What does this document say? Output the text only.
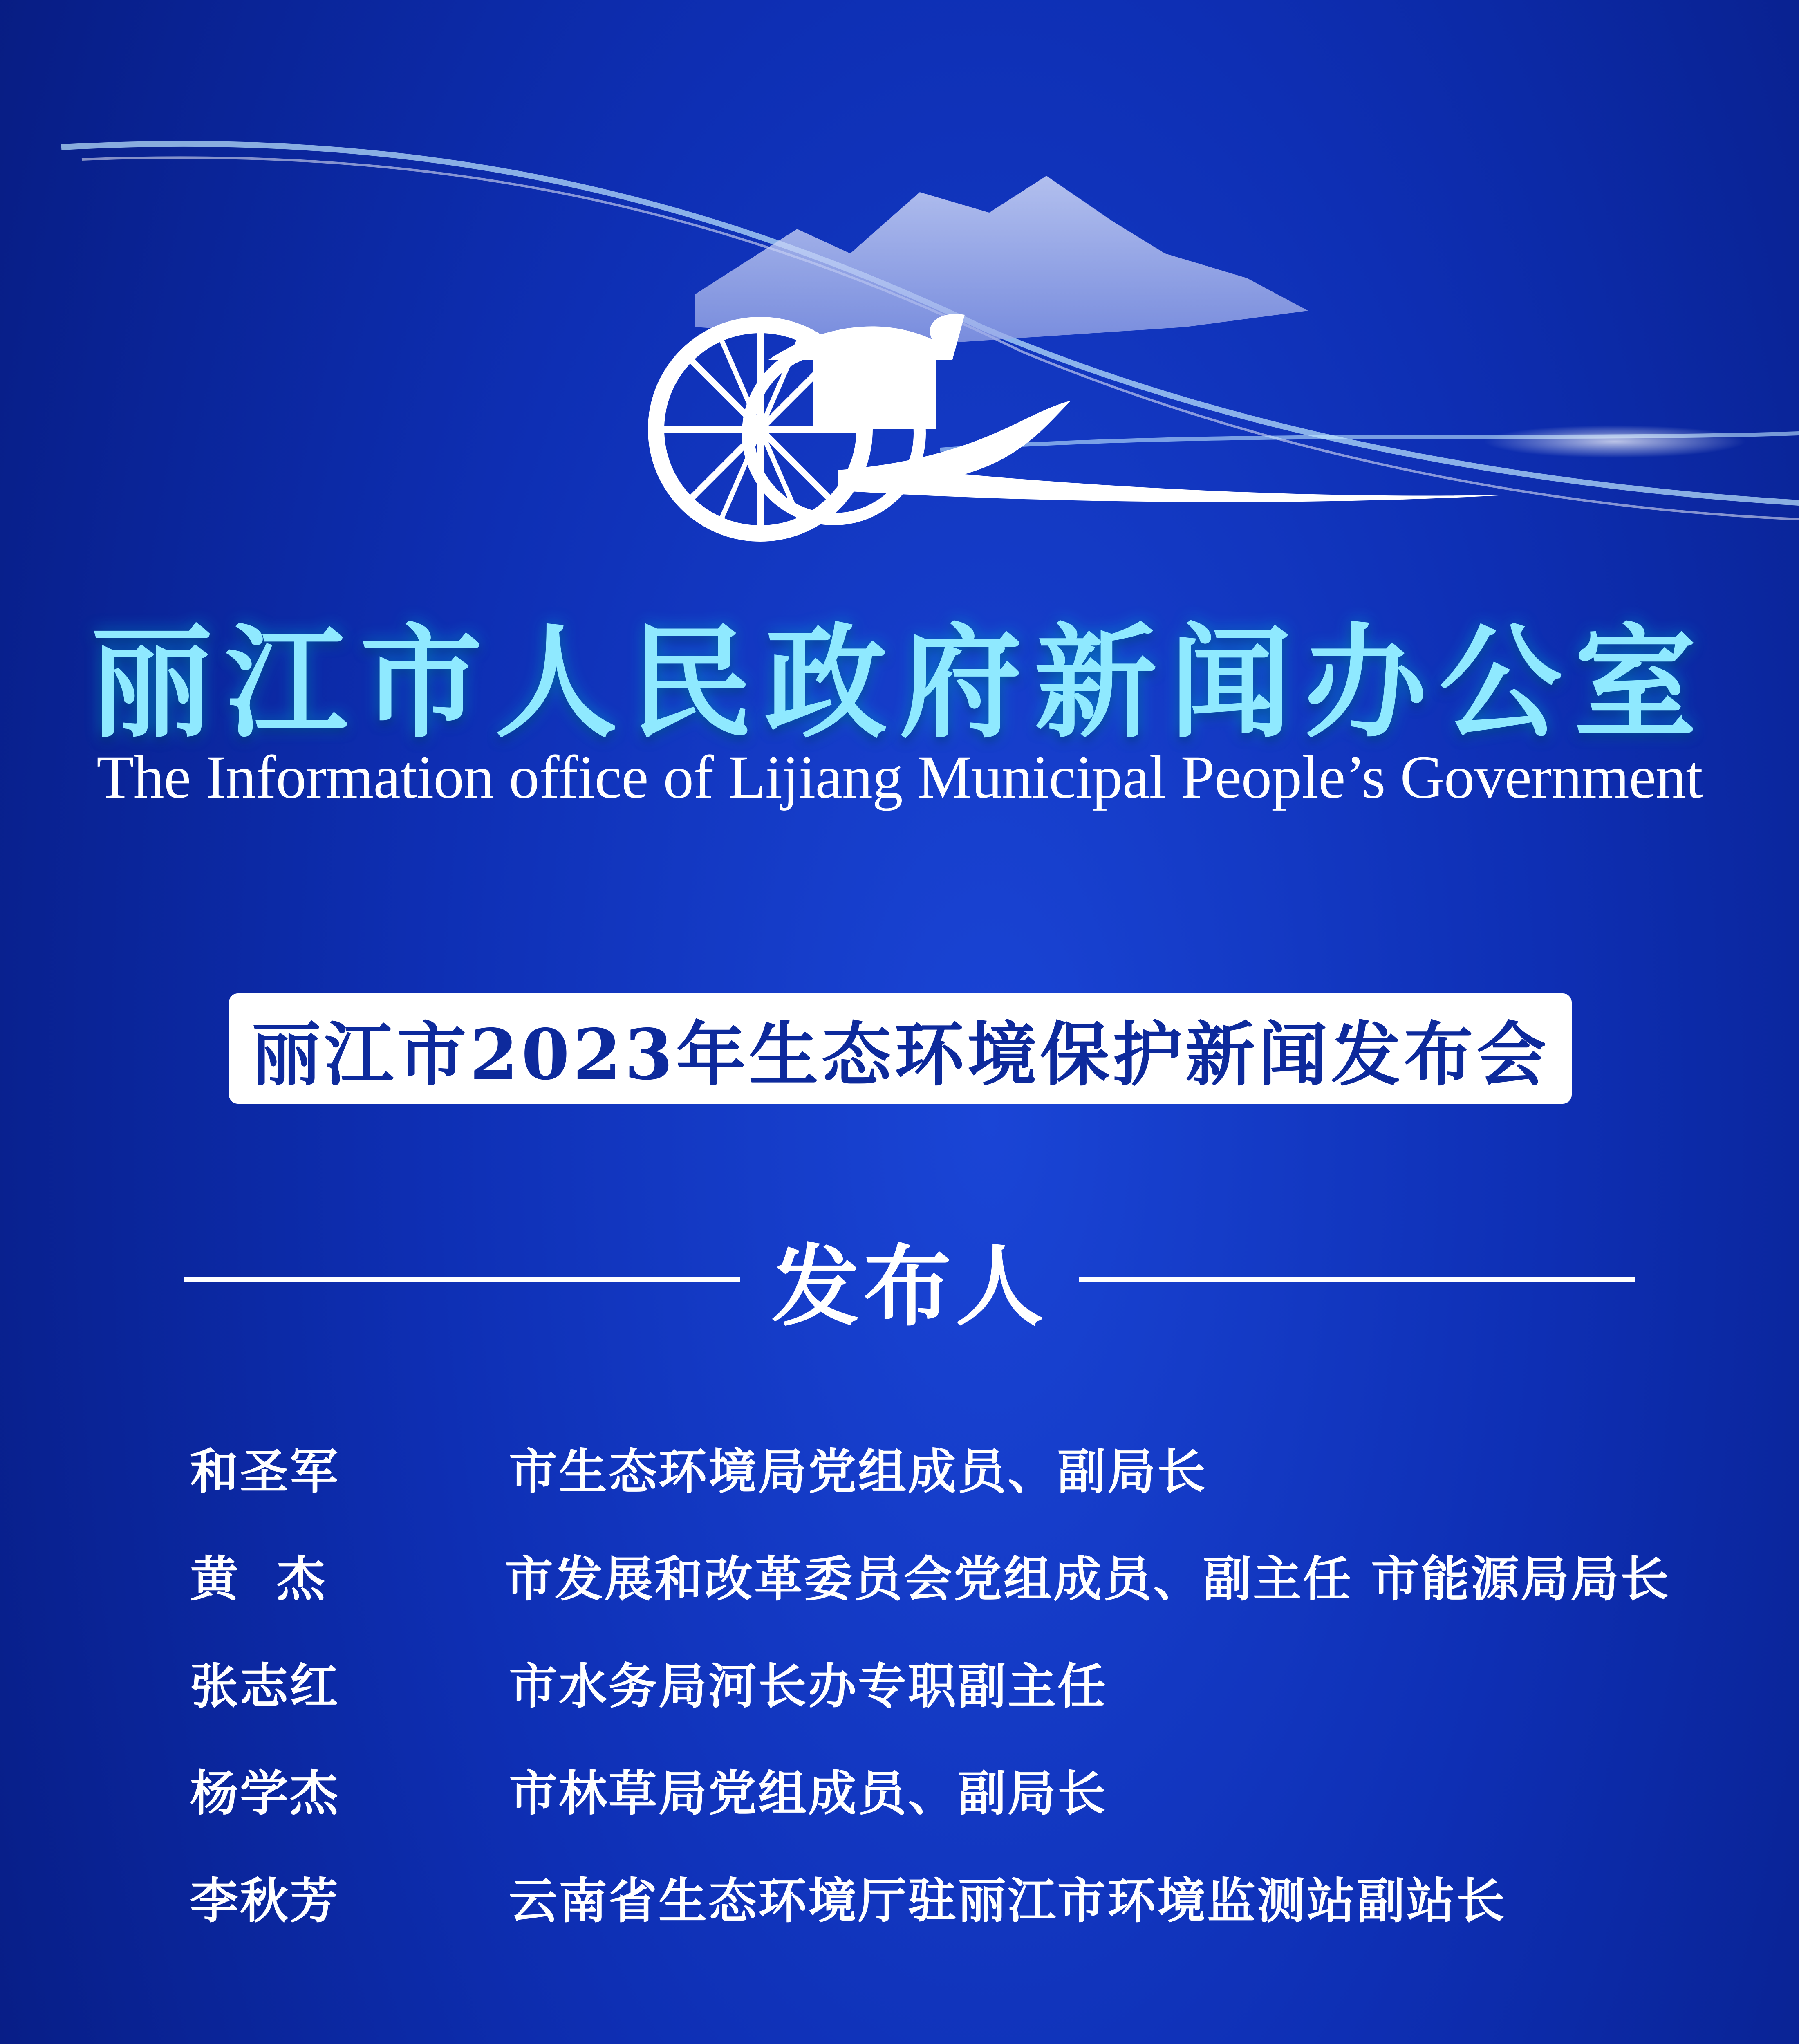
丽江市人民政府新闻办公室
The Information office of Lijiang Municipal People’s Government
丽江市2023年生态环境保护新闻发布会
发布人
和圣军	市生态环境局党组成员、副局长
黄  杰	市发展和改革委员会党组成员、副主任 市能源局局长
张志红	市水务局河长办专职副主任
杨学杰	市林草局党组成员、副局长
李秋芳	云南省生态环境厅驻丽江市环境监测站副站长
